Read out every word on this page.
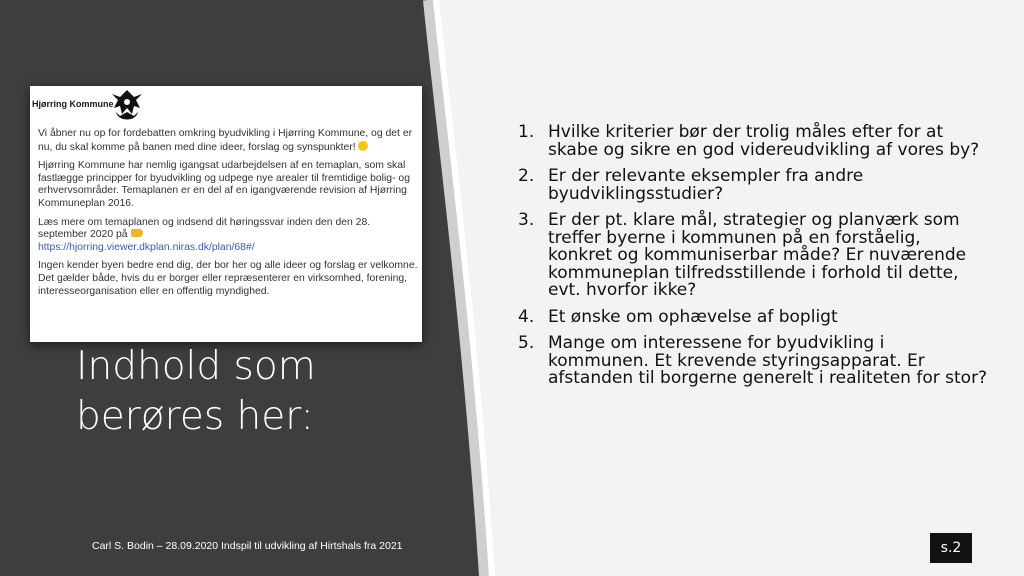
Hjørring Kommune

Vi åbner nu op for fordebatten omkring byudvikling i Hjørring Kommune, og det er nu, du skal komme på banen med dine ideer, forslag og synspunkter!

Hjørring Kommune har nemlig igangsat udarbejdelsen af en temaplan, som skal fastlægge principper for byudvikling og udpege nye arealer til fremtidige bolig- og erhvervsområder. Temaplanen er en del af en igangværende revision af Hjørring Kommuneplan 2016.

Læs mere om temaplanen og indsend dit høringssvar inden den den 28. september 2020 på
https://hjorring.viewer.dkplan.niras.dk/plan/68#/

Ingen kender byen bedre end dig, der bor her og alle ideer og forslag er velkomne. Det gælder både, hvis du er borger eller repræsenterer en virksomhed, forening, interesseorganisation eller en offentlig myndighed.

Indhold som
berøres her:
1. Hvilke kriterier bør der trolig måles efter for at skabe og sikre en god videreudvikling af vores by?
2. Er der relevante eksempler fra andre byudviklingsstudier?
3. Er der pt. klare mål, strategier og planværk som treffer byerne i kommunen på en forståelig, konkret og kommuniserbar måde? Er nuværende kommuneplan tilfredsstillende i forhold til dette, evt. hvorfor ikke?
4. Et ønske om ophævelse af bopligt
5. Mange om interessene for byudvikling i kommunen. Et krevende styringsapparat. Er afstanden til borgerne generelt i realiteten for stor?
Carl S. Bodin – 28.09.2020 Indspil til udvikling af Hirtshals fra 2021	s.2
